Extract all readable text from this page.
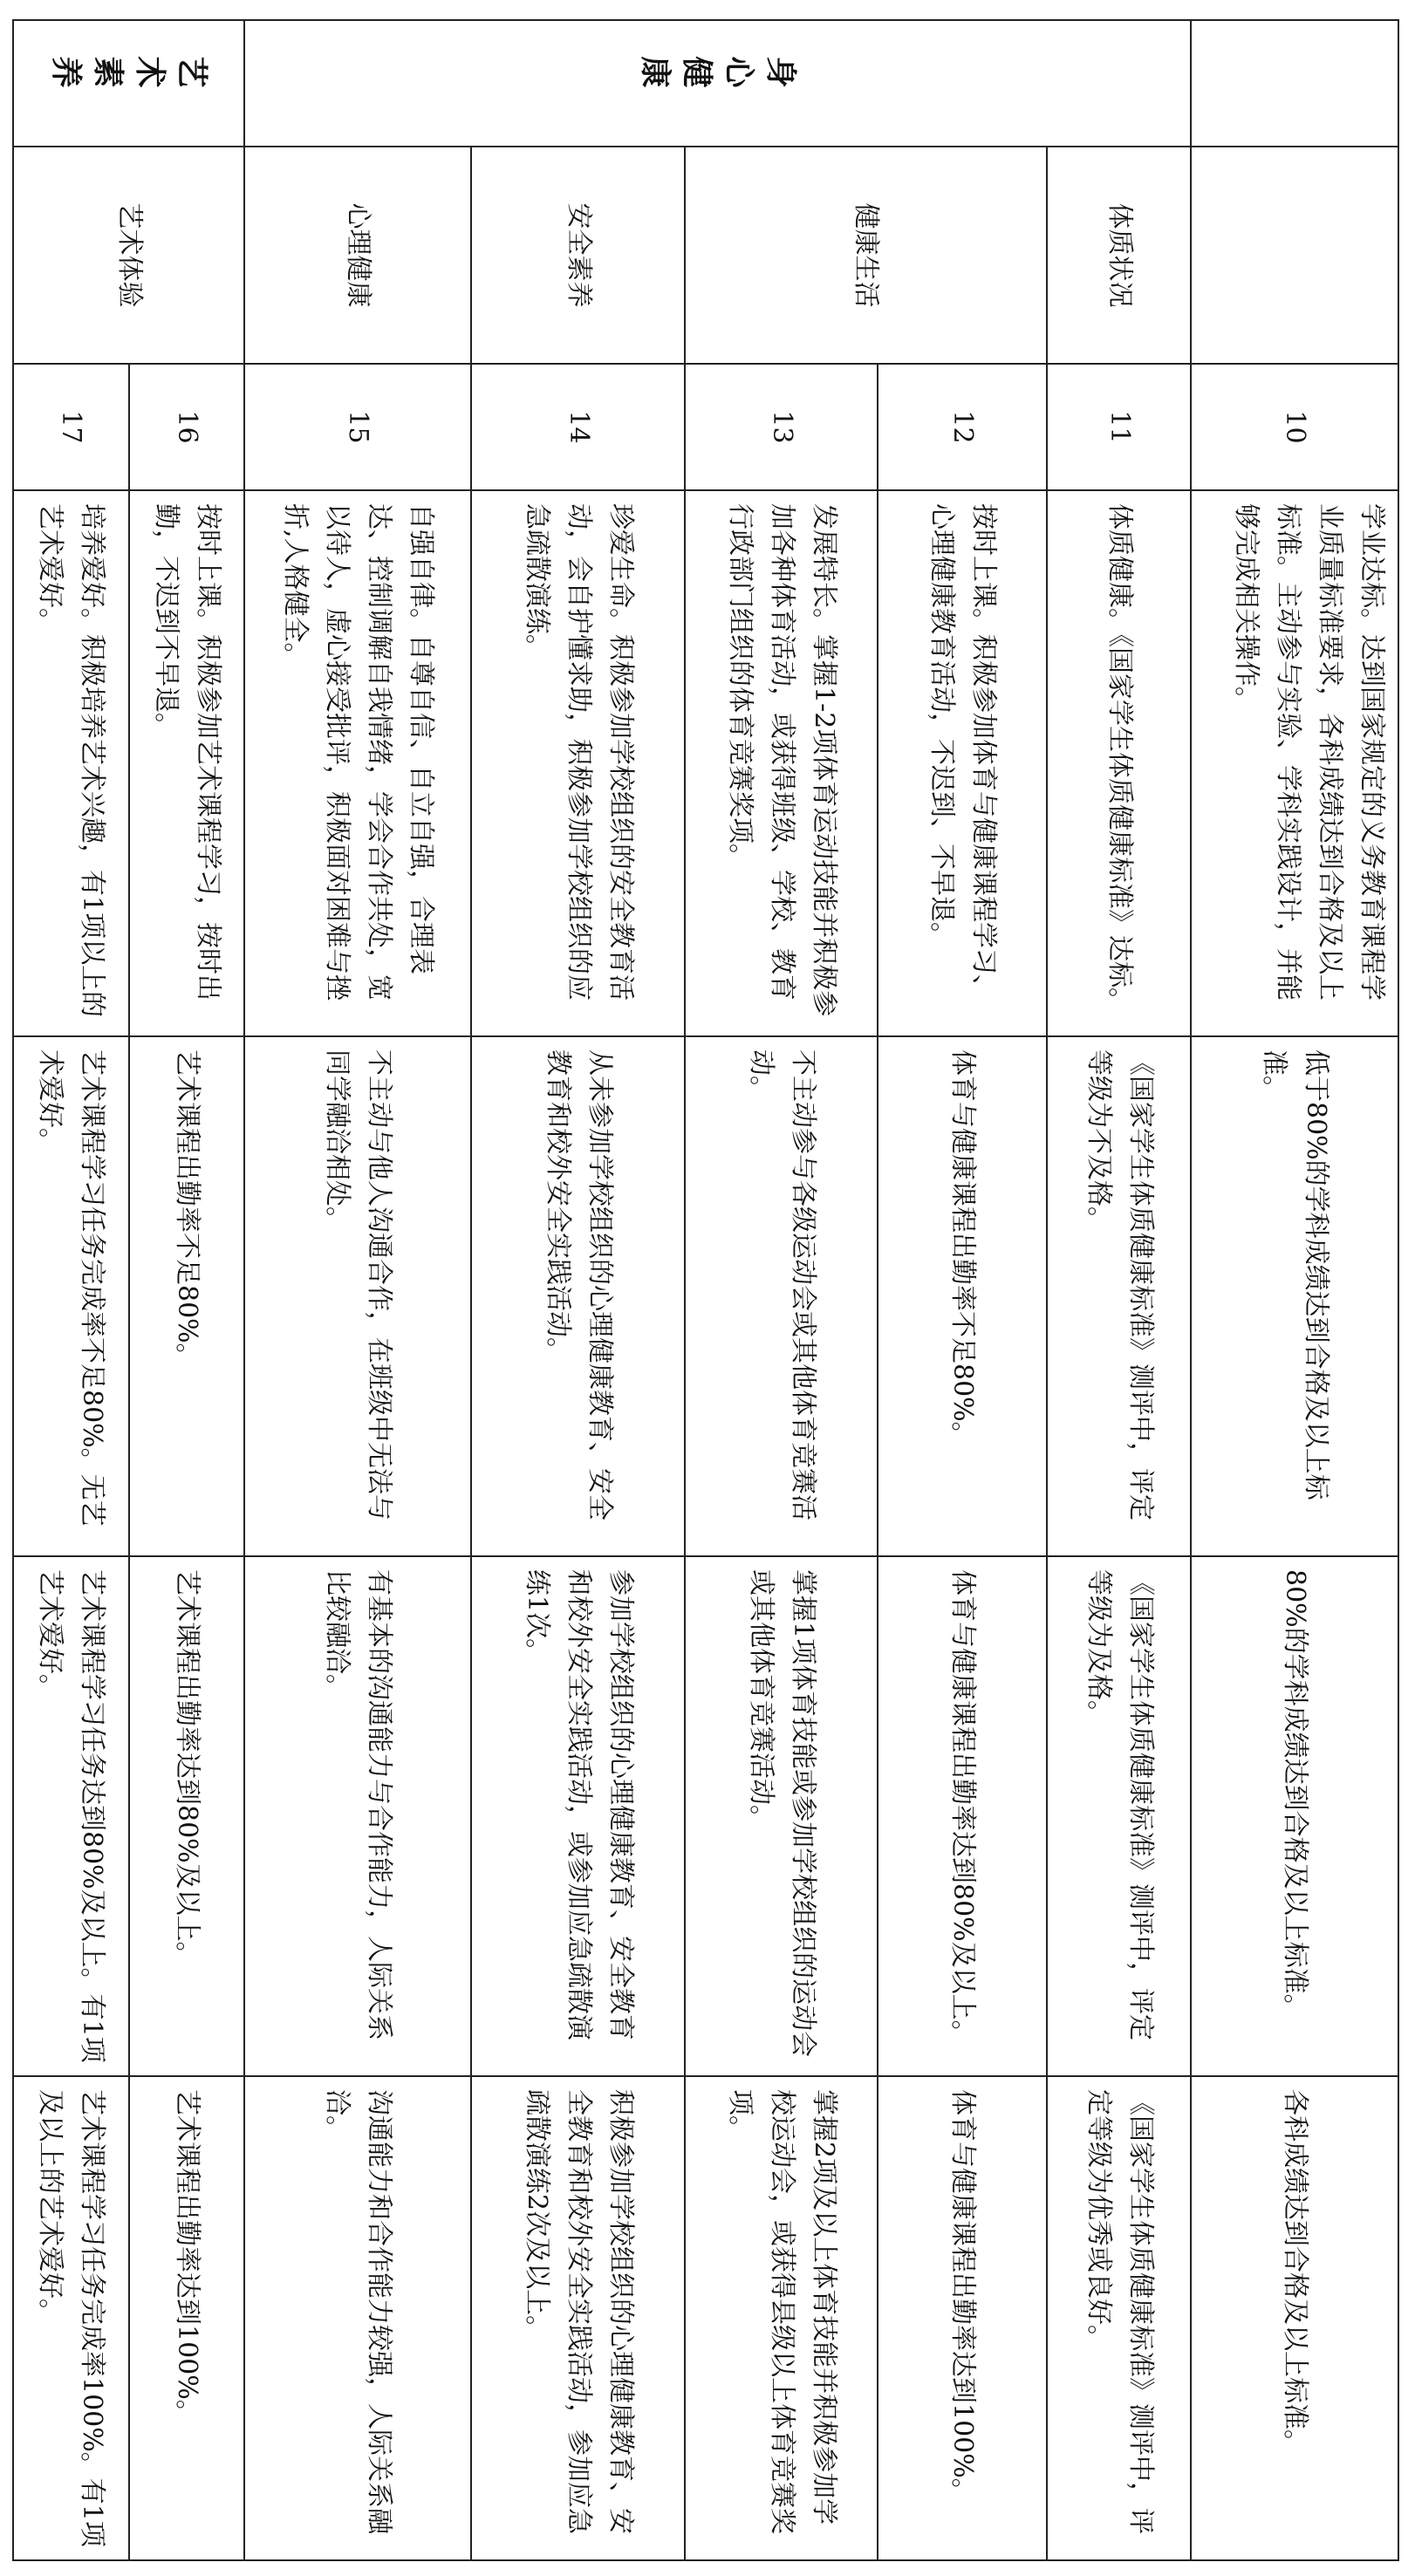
		10	学业达标。达到国家规定的义务教育课程学业质量标准要求，各科成绩达到合格及以上标准。主动参与实验、学科实践设计，并能够完成相关操作。	低于80%的学科成绩达到合格及以上标准。	80%的学科成绩达到合格及以上标准。	各科成绩达到合格及以上标准。
身心健康	体质状况	11	体质健康。《国家学生体质健康标准》达标。	《国家学生体质健康标准》测评中，评定等级为不及格。	《国家学生体质健康标准》测评中，评定等级为及格。	《国家学生体质健康标准》测评中，评定等级为优秀或良好。
	健康生活	12	按时上课。积极参加体育与健康课程学习、心理健康教育活动，不迟到、不早退。	体育与健康课程出勤率不足80%。	体育与健康课程出勤率达到80%及以上。	体育与健康课程出勤率达到100%。
		13	发展特长。掌握1-2项体育运动技能并积极参加各种体育活动，或获得班级、学校、教育行政部门组织的体育竞赛奖项。	不主动参与各级运动会或其他体育竞赛活动。	掌握1项体育技能或参加学校组织的运动会或其他体育竞赛活动。	掌握2项及以上体育技能并积极参加学校运动会，或获得县级以上体育竞赛奖项。
	安全素养	14	珍爱生命。积极参加学校组织的安全教育活动，会自护懂求助，积极参加学校组织的应急疏散演练。	从未参加学校组织的心理健康教育、安全教育和校外安全实践活动。	参加学校组织的心理健康教育、安全教育和校外安全实践活动，或参加应急疏散演练1次。	积极参加学校组织的心理健康教育、安全教育和校外安全实践活动，参加应急疏散演练2次及以上。
	心理健康	15	自强自律。自尊自信、自立自强，合理表达、控制调解自我情绪，学会合作共处，宽以待人，虚心接受批评，积极面对困难与挫折,人格健全。	不主动与他人沟通合作，在班级中无法与同学融洽相处。	有基本的沟通能力与合作能力，人际关系比较融洽。	沟通能力和合作能力较强，人际关系融洽。
艺术素养	艺术体验	16	按时上课。积极参加艺术课程学习，按时出勤，不迟到不早退。	艺术课程出勤率不足80%。	艺术课程出勤率达到80%及以上。	艺术课程出勤率达到100%。
		17	培养爱好。积极培养艺术兴趣，有1项以上的艺术爱好。	艺术课程学习任务完成率不足80%。无艺术爱好。	艺术课程学习任务达到80%及以上。有1项艺术爱好。	艺术课程学习任务完成率100%。有1项及以上的艺术爱好。
